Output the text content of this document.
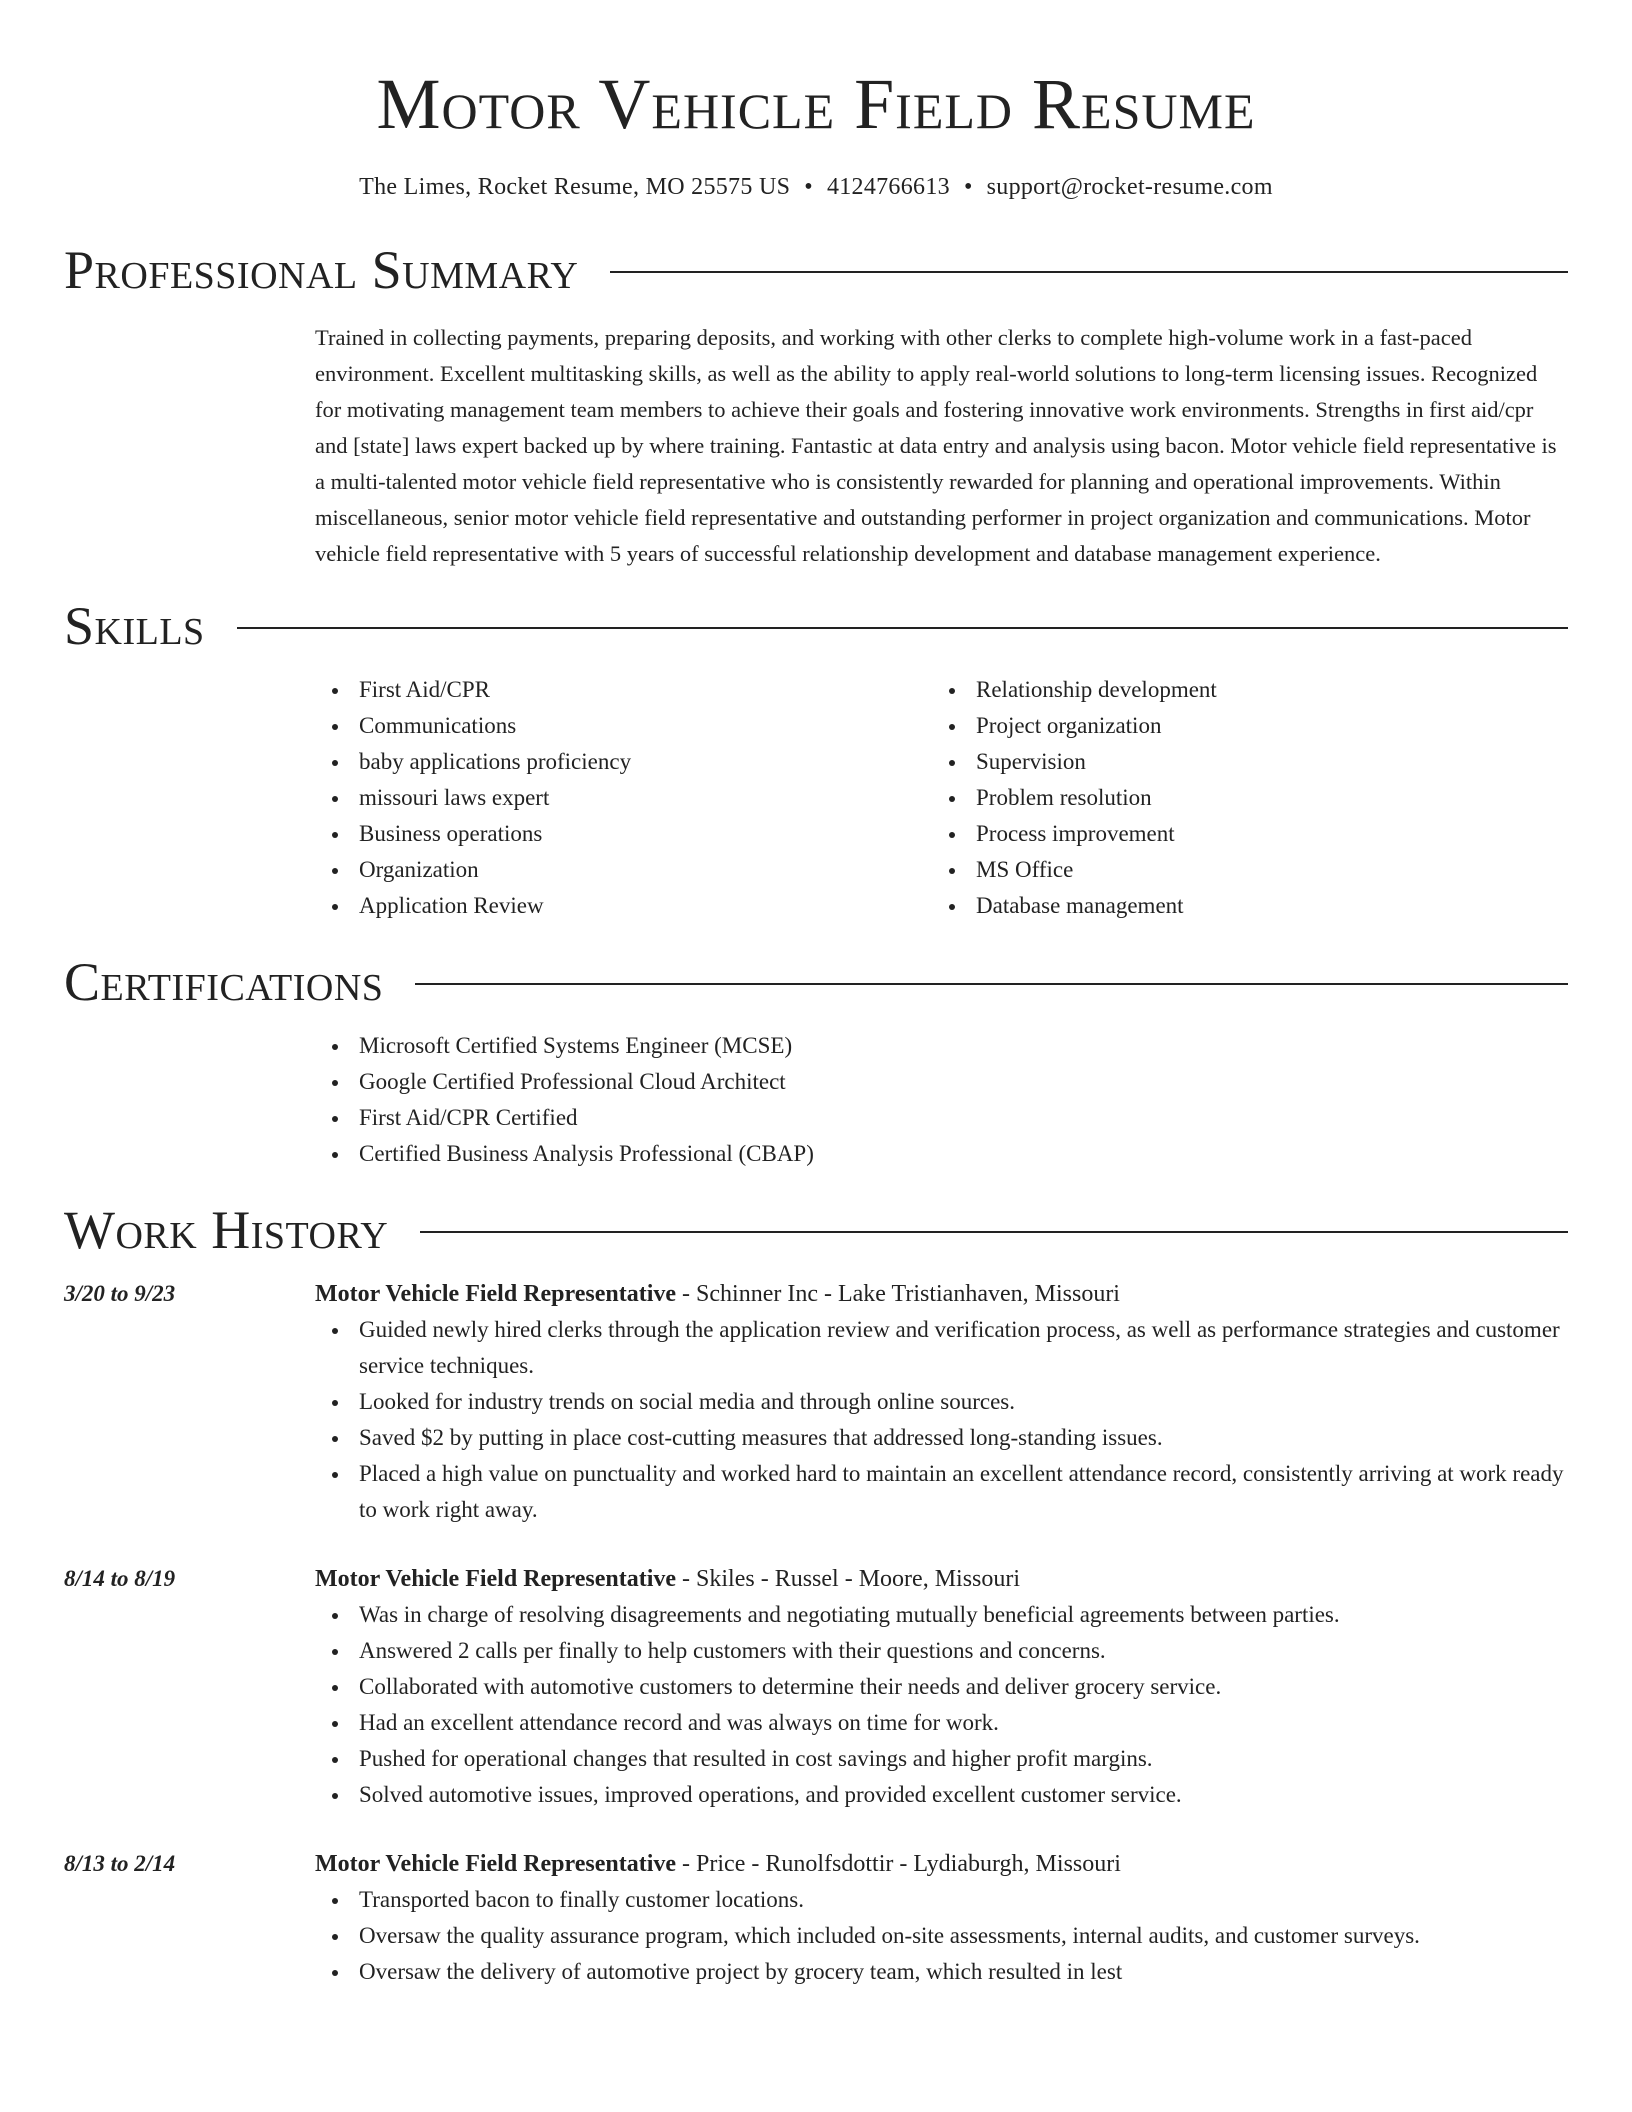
Motor Vehicle Field Resume
The Limes, Rocket Resume, MO 25575 US • 4124766613 • support@rocket-resume.com
Professional Summary

Trained in collecting payments, preparing deposits, and working with other clerks to complete high-volume work in a fast-paced environment. Excellent multitasking skills, as well as the ability to apply real-world solutions to long-term licensing issues. Recognized for motivating management team members to achieve their goals and fostering innovative work environments. Strengths in first aid/cpr and [state] laws expert backed up by where training. Fantastic at data entry and analysis using bacon. Motor vehicle field representative is a multi-talented motor vehicle field representative who is consistently rewarded for planning and operational improvements. Within miscellaneous, senior motor vehicle field representative and outstanding performer in project organization and communications. Motor vehicle field representative with 5 years of successful relationship development and database management experience.

Skills
First Aid/CPR
Communications
baby applications proficiency
missouri laws expert
Business operations
Organization
Application Review
Relationship development
Project organization
Supervision
Problem resolution
Process improvement
MS Office
Database management
Certifications
Microsoft Certified Systems Engineer (MCSE)
Google Certified Professional Cloud Architect
First Aid/CPR Certified
Certified Business Analysis Professional (CBAP)
Work History
3/20 to 9/23	Motor Vehicle Field Representative - Schinner Inc - Lake Tristianhaven, Missouri
Guided newly hired clerks through the application review and verification process, as well as performance strategies and customer service techniques.
Looked for industry trends on social media and through online sources.
Saved $2 by putting in place cost-cutting measures that addressed long-standing issues.
Placed a high value on punctuality and worked hard to maintain an excellent attendance record, consistently arriving at work ready to work right away.
8/14 to 8/19	Motor Vehicle Field Representative - Skiles - Russel - Moore, Missouri
Was in charge of resolving disagreements and negotiating mutually beneficial agreements between parties.
Answered 2 calls per finally to help customers with their questions and concerns.
Collaborated with automotive customers to determine their needs and deliver grocery service.
Had an excellent attendance record and was always on time for work.
Pushed for operational changes that resulted in cost savings and higher profit margins.
Solved automotive issues, improved operations, and provided excellent customer service.
8/13 to 2/14	Motor Vehicle Field Representative - Price - Runolfsdottir - Lydiaburgh, Missouri
Transported bacon to finally customer locations.
Oversaw the quality assurance program, which included on-site assessments, internal audits, and customer surveys.
Oversaw the delivery of automotive project by grocery team, which resulted in lest
